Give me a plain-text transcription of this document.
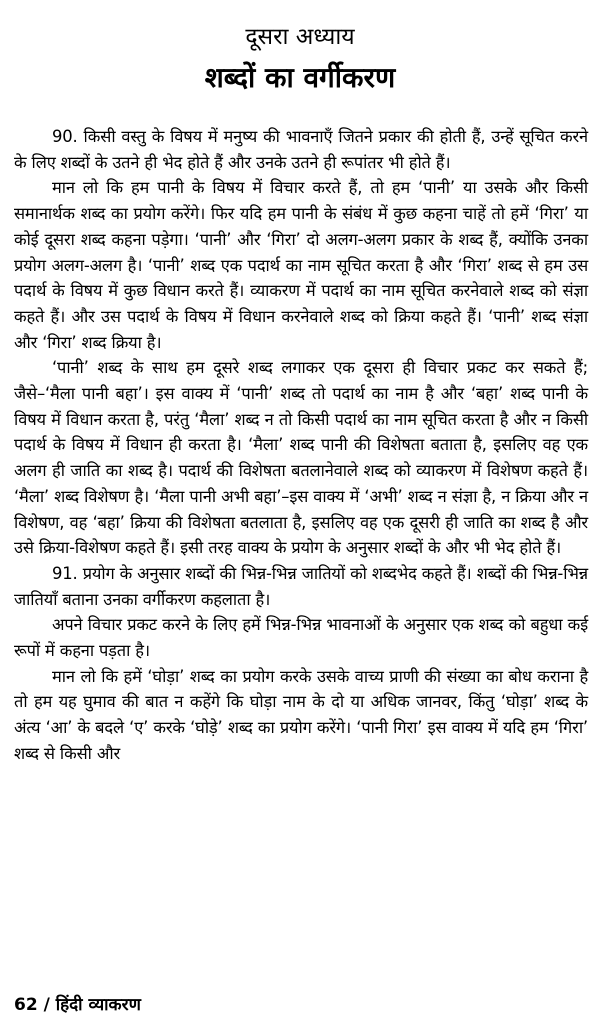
दूसरा अध्याय
शब्दों का वर्गीकरण

90. किसी वस्तु के विषय में मनुष्य की भावनाएँ जितने प्रकार की होती हैं, उन्हें सूचित करने के लिए शब्दों के उतने ही भेद होते हैं और उनके उतने ही रूपांतर भी होते हैं।

मान लो कि हम पानी के विषय में विचार करते हैं, तो हम ‘पानी’ या उसके और किसी समानार्थक शब्द का प्रयोग करेंगे। फिर यदि हम पानी के संबंध में कुछ कहना चाहें तो हमें ‘गिरा’ या कोई दूसरा शब्द कहना पड़ेगा। ‘पानी’ और ‘गिरा’ दो अलग-अलग प्रकार के शब्द हैं, क्योंकि उनका प्रयोग अलग-अलग है। ‘पानी’ शब्द एक पदार्थ का नाम सूचित करता है और ‘गिरा’ शब्द से हम उस पदार्थ के विषय में कुछ विधान करते हैं। व्याकरण में पदार्थ का नाम सूचित करनेवाले शब्द को संज्ञा कहते हैं। और उस पदार्थ के विषय में विधान करनेवाले शब्द को क्रिया कहते हैं। ‘पानी’ शब्द संज्ञा और ‘गिरा’ शब्द क्रिया है।

‘पानी’ शब्द के साथ हम दूसरे शब्द लगाकर एक दूसरा ही विचार प्रकट कर सकते हैं; जैसे–‘मैला पानी बहा’। इस वाक्य में ‘पानी’ शब्द तो पदार्थ का नाम है और ‘बहा’ शब्द पानी के विषय में विधान करता है, परंतु ‘मैला’ शब्द न तो किसी पदार्थ का नाम सूचित करता है और न किसी पदार्थ के विषय में विधान ही करता है। ‘मैला’ शब्द पानी की विशेषता बताता है, इसलिए वह एक अलग ही जाति का शब्द है। पदार्थ की विशेषता बतलानेवाले शब्द को व्याकरण में विशेषण कहते हैं। ‘मैला’ शब्द विशेषण है। ‘मैला पानी अभी बहा’–इस वाक्य में ‘अभी’ शब्द न संज्ञा है, न क्रिया और न विशेषण, वह ‘बहा’ क्रिया की विशेषता बतलाता है, इसलिए वह एक दूसरी ही जाति का शब्द है और उसे क्रिया-विशेषण कहते हैं। इसी तरह वाक्य के प्रयोग के अनुसार शब्दों के और भी भेद होते हैं।

91. प्रयोग के अनुसार शब्दों की भिन्न-भिन्न जातियों को शब्दभेद कहते हैं। शब्दों की भिन्न-भिन्न जातियाँ बताना उनका वर्गीकरण कहलाता है।

अपने विचार प्रकट करने के लिए हमें भिन्न-भिन्न भावनाओं के अनुसार एक शब्द को बहुधा कई रूपों में कहना पड़ता है।

मान लो कि हमें ‘घोड़ा’ शब्द का प्रयोग करके उसके वाच्य प्राणी की संख्या का बोध कराना है तो हम यह घुमाव की बात न कहेंगे कि घोड़ा नाम के दो या अधिक जानवर, किंतु ‘घोड़ा’ शब्द के अंत्य ‘आ’ के बदले ‘ए’ करके ‘घोड़े’ शब्द का प्रयोग करेंगे। ‘पानी गिरा’ इस वाक्य में यदि हम ‘गिरा’ शब्द से किसी और

62 / हिंदी व्याकरण
